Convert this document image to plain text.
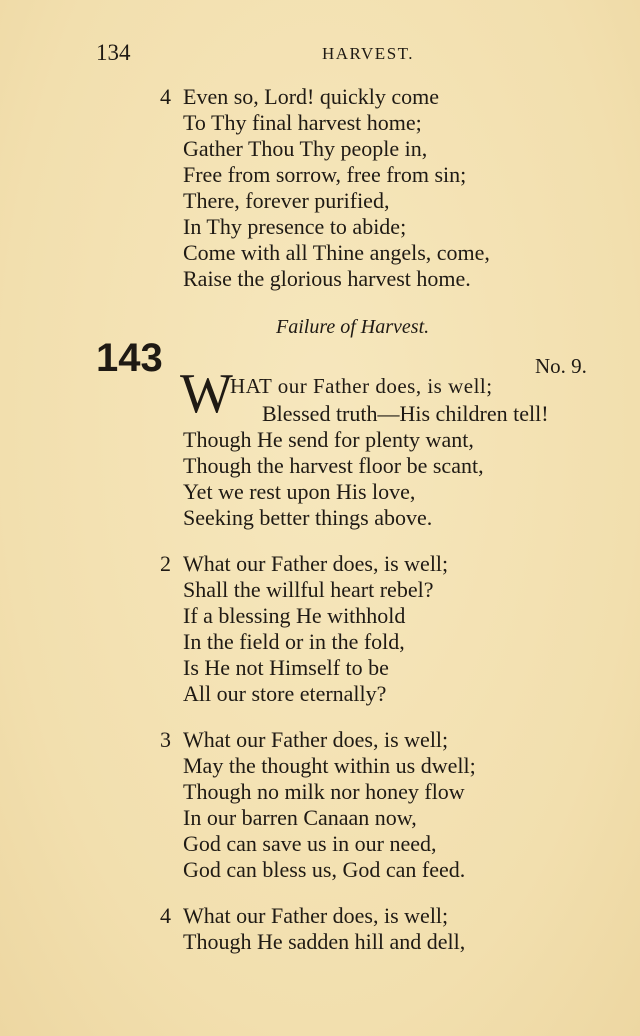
134	HARVEST.
4 Even so, Lord! quickly come
To Thy final harvest home;
Gather Thou Thy people in,
Free from sorrow, free from sin;
There, forever purified,
In Thy presence to abide;
Come with all Thine angels, come,
Raise the glorious harvest home.
Failure of Harvest.
143	No. 9.
W
HAT our Father does, is well;
Blessed truth—His children tell!
Though He send for plenty want,
Though the harvest floor be scant,
Yet we rest upon His love,
Seeking better things above.
2 What our Father does, is well;
Shall the willful heart rebel?
If a blessing He withhold
In the field or in the fold,
Is He not Himself to be
All our store eternally?
3 What our Father does, is well;
May the thought within us dwell;
Though no milk nor honey flow
In our barren Canaan now,
God can save us in our need,
God can bless us, God can feed.
4 What our Father does, is well;
Though He sadden hill and dell,
